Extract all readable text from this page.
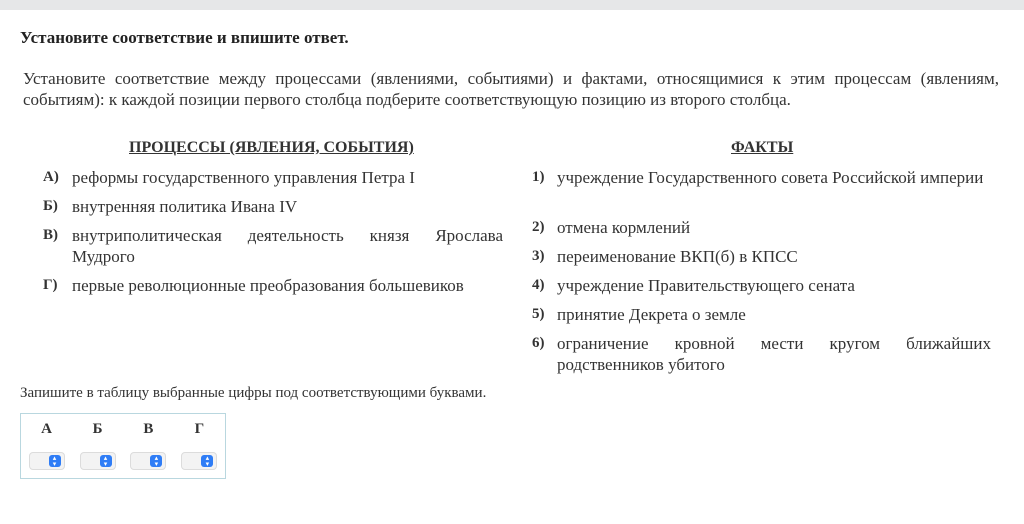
Установите соответствие и впишите ответ.
Установите соответствие между процессами (явлениями, событиями) и фактами, относящимися к этим процессам (явлениям, событиям): к каждой позиции первого столбца подберите соответствующую позицию из второго столбца.
ПРОЦЕССЫ (ЯВЛЕНИЯ, СОБЫТИЯ)	ФАКТЫ
А) реформы государственного управления Петра I
Б) внутренняя политика Ивана IV
В) внутриполитическая деятельность князя Ярослава Мудрого
Г) первые революционные преобразования большевиков
1) учреждение Государственного совета Российской империи
2) отмена кормлений
3) переименование ВКП(б) в КПСС
4) учреждение Правительствующего сената
5) принятие Декрета о земле
6) ограничение кровной мести кругом ближайших родственников убитого
Запишите в таблицу выбранные цифры под соответствующими буквами.
А	Б	В	Г

▴
▾	▴
▾	▴
▾	▴
▾
